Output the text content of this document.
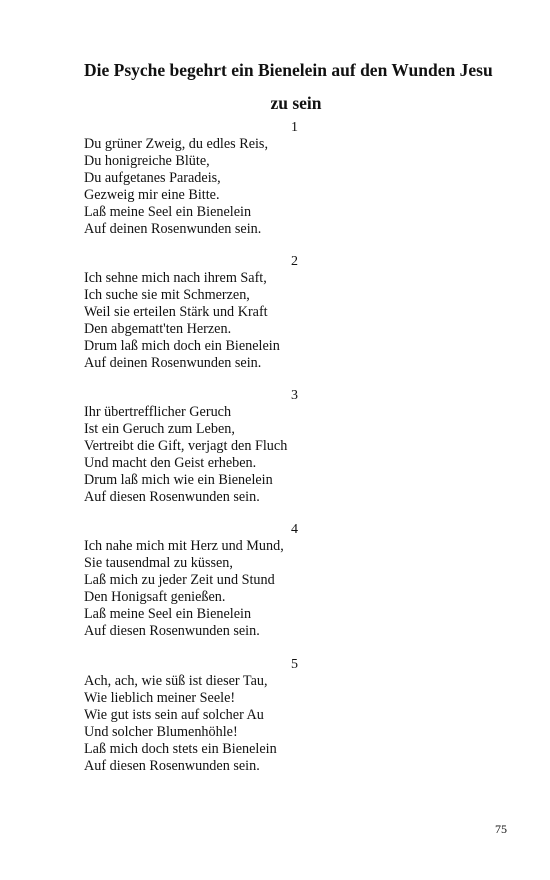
Die Psyche begehrt ein Bienelein auf den Wunden Jesu
zu sein
1
Du grüner Zweig, du edles Reis,
Du honigreiche Blüte,
Du aufgetanes Paradeis,
Gezweig mir eine Bitte.
Laß meine Seel ein Bienelein
Auf deinen Rosenwunden sein.
2
Ich sehne mich nach ihrem Saft,
Ich suche sie mit Schmerzen,
Weil sie erteilen Stärk und Kraft
Den abgematt'ten Herzen.
Drum laß mich doch ein Bienelein
Auf deinen Rosenwunden sein.
3
Ihr übertrefflicher Geruch
Ist ein Geruch zum Leben,
Vertreibt die Gift, verjagt den Fluch
Und macht den Geist erheben.
Drum laß mich wie ein Bienelein
Auf diesen Rosenwunden sein.
4
Ich nahe mich mit Herz und Mund,
Sie tausendmal zu küssen,
Laß mich zu jeder Zeit und Stund
Den Honigsaft genießen.
Laß meine Seel ein Bienelein
Auf diesen Rosenwunden sein.
5
Ach, ach, wie süß ist dieser Tau,
Wie lieblich meiner Seele!
Wie gut ists sein auf solcher Au
Und solcher Blumenhöhle!
Laß mich doch stets ein Bienelein
Auf diesen Rosenwunden sein.
75
